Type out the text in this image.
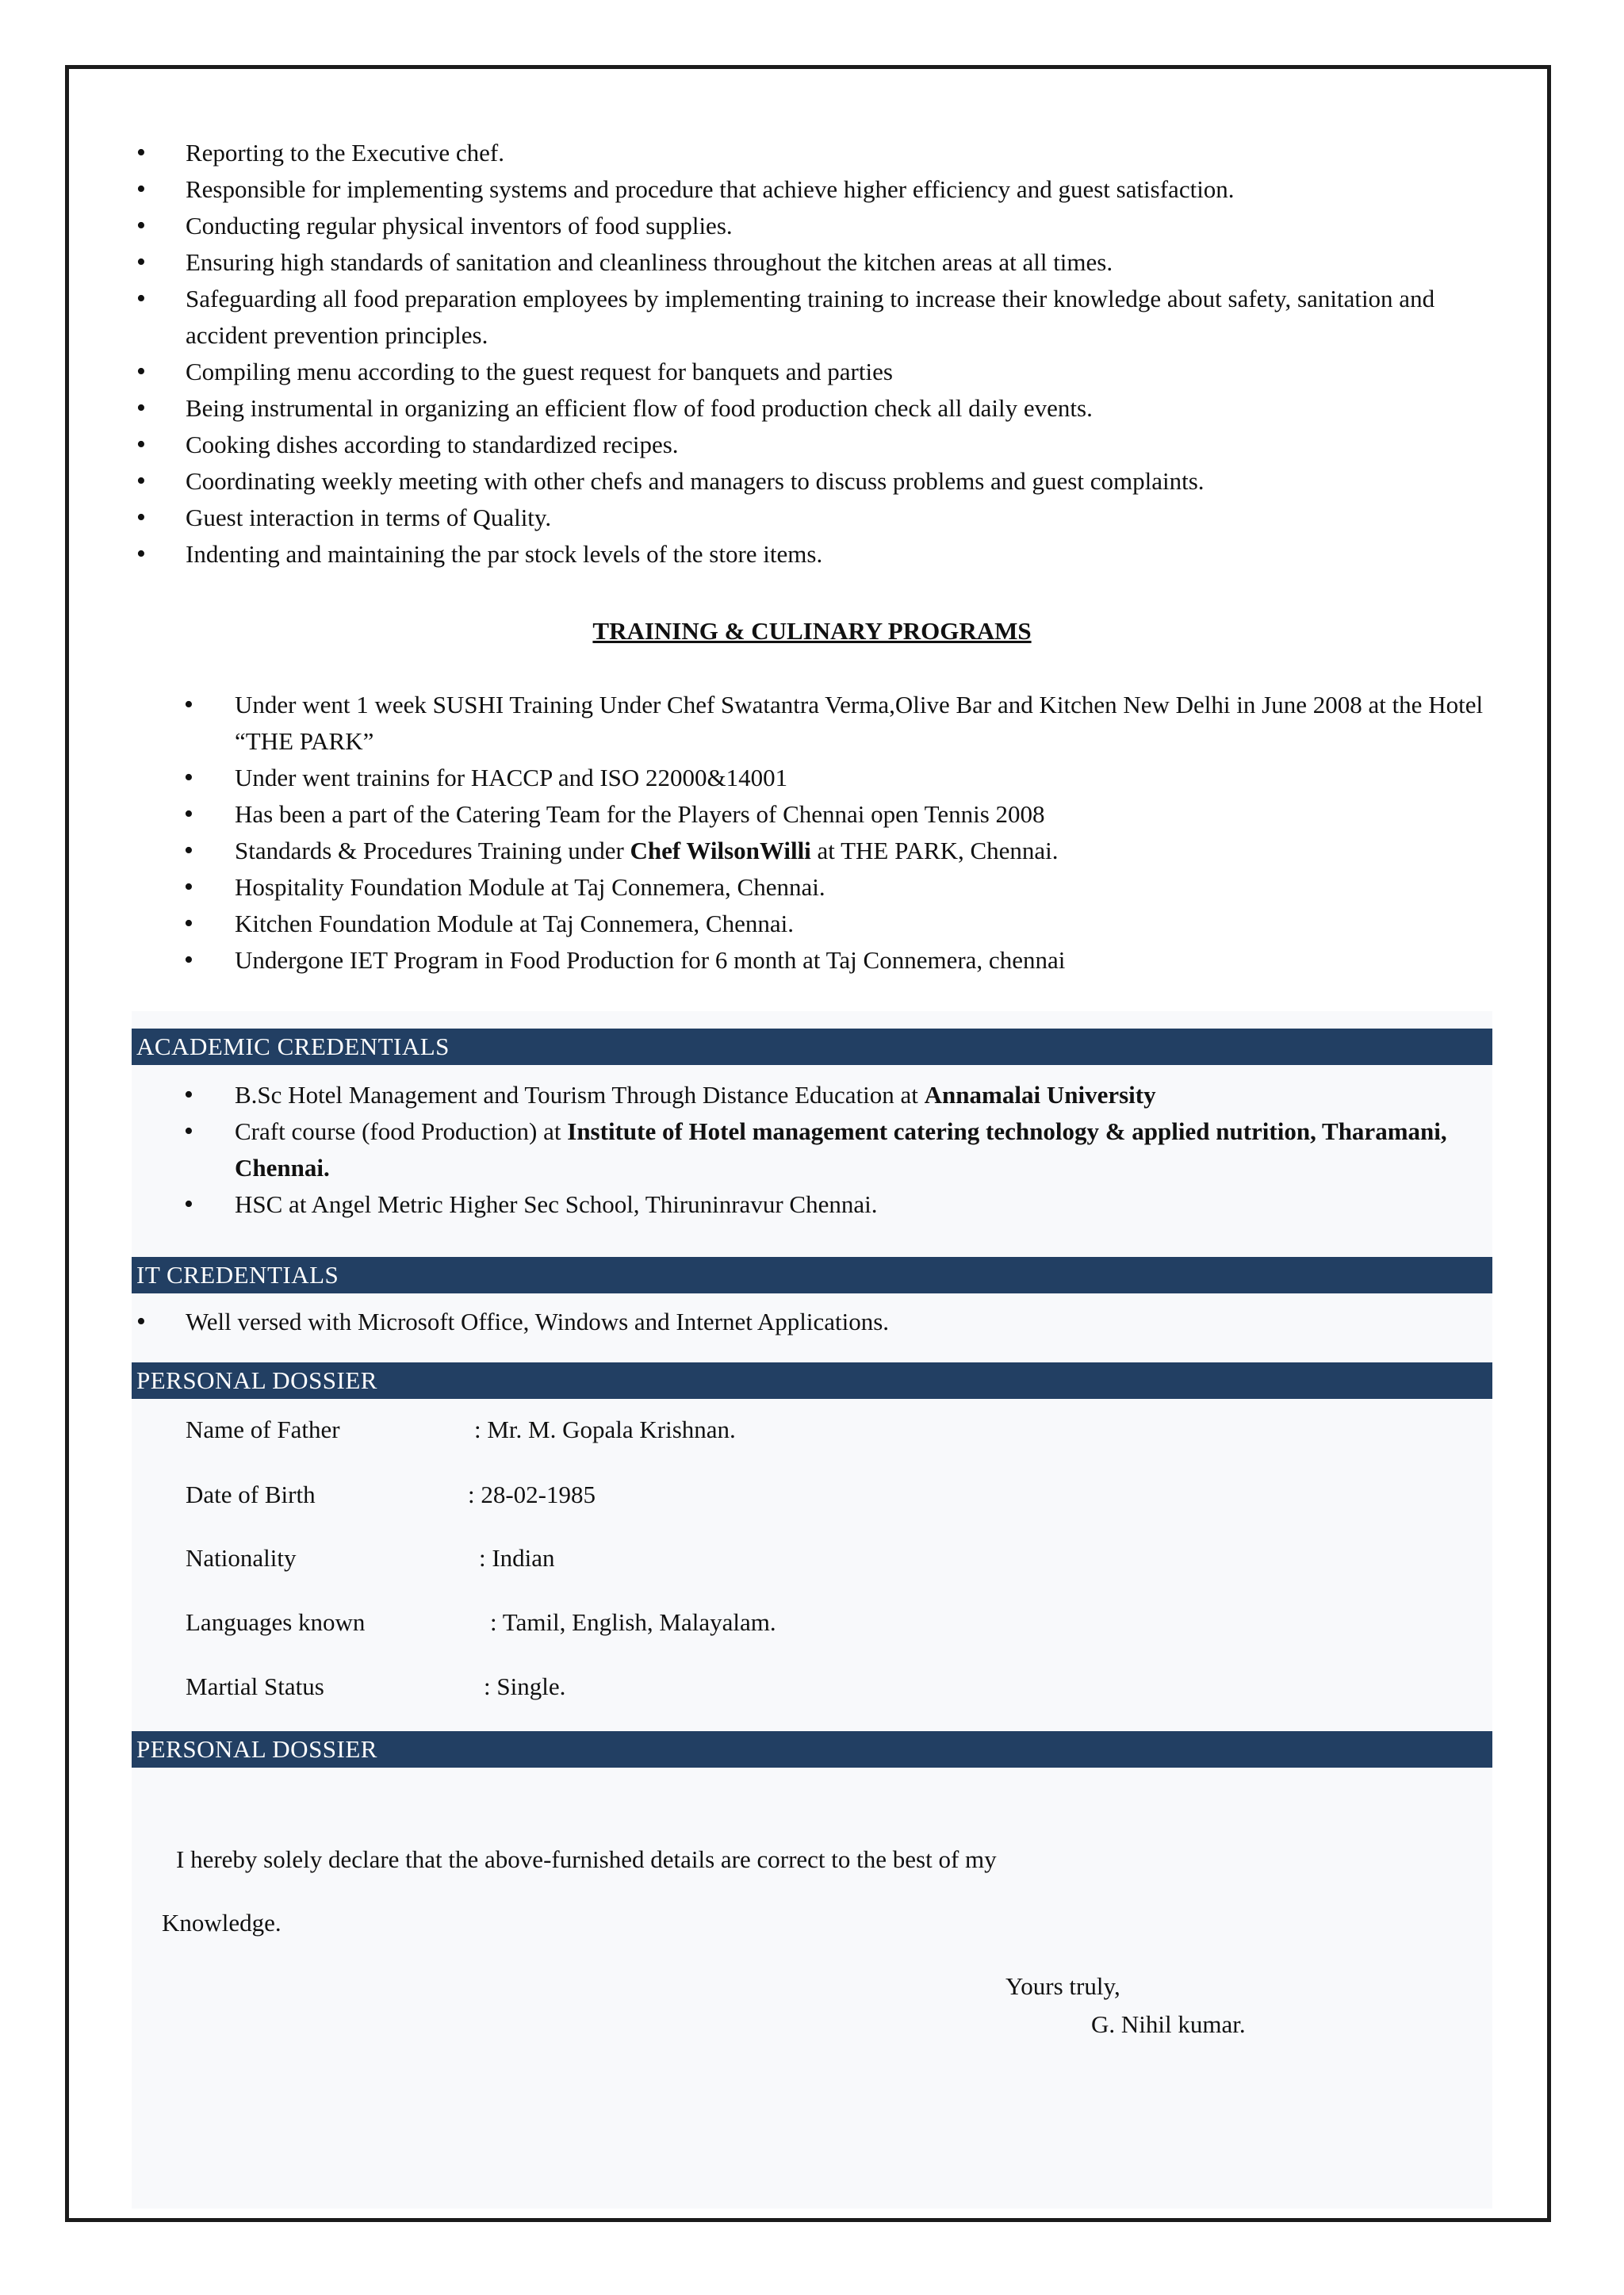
• Reporting to the Executive chef.
• Responsible for implementing systems and procedure that achieve higher efficiency and guest satisfaction.
• Conducting regular physical inventors of food supplies.
• Ensuring high standards of sanitation and cleanliness throughout the kitchen areas at all times.
• Safeguarding all food preparation employees by implementing training to increase their knowledge about safety, sanitation and accident prevention principles.
• Compiling menu according to the guest request for banquets and parties
• Being instrumental in organizing an efficient flow of food production check all daily events.
• Cooking dishes according to standardized recipes.
• Coordinating weekly meeting with other chefs and managers to discuss problems and guest complaints.
• Guest interaction in terms of Quality.
• Indenting and maintaining the par stock levels of the store items.
TRAINING & CULINARY PROGRAMS
• Under went 1 week SUSHI Training Under Chef Swatantra Verma,Olive Bar and Kitchen New Delhi in June 2008 at the Hotel “THE PARK”
• Under went trainins for HACCP and ISO 22000&14001
• Has been a part of the Catering Team for the Players of Chennai open Tennis 2008
• Standards & Procedures Training under Chef WilsonWilli at THE PARK, Chennai.
• Hospitality Foundation Module at Taj Connemera, Chennai.
• Kitchen Foundation Module at Taj Connemera, Chennai.
• Undergone IET Program in Food Production for 6 month at Taj Connemera, chennai
ACADEMIC CREDENTIALS
• B.Sc Hotel Management and Tourism Through Distance Education at Annamalai University
• Craft course (food Production) at Institute of Hotel management catering technology & applied nutrition, Tharamani, Chennai.
• HSC at Angel Metric Higher Sec School, Thiruninravur Chennai.
IT CREDENTIALS
• Well versed with Microsoft Office, Windows and Internet Applications.
PERSONAL DOSSIER
Name of Father	: Mr. M. Gopala Krishnan.
Date of Birth	: 28-02-1985
Nationality	: Indian
Languages known	: Tamil, English, Malayalam.
Martial Status	: Single.
PERSONAL DOSSIER
I hereby solely declare that the above-furnished details are correct to the best of my
Knowledge.
Yours truly,
G. Nihil kumar.
